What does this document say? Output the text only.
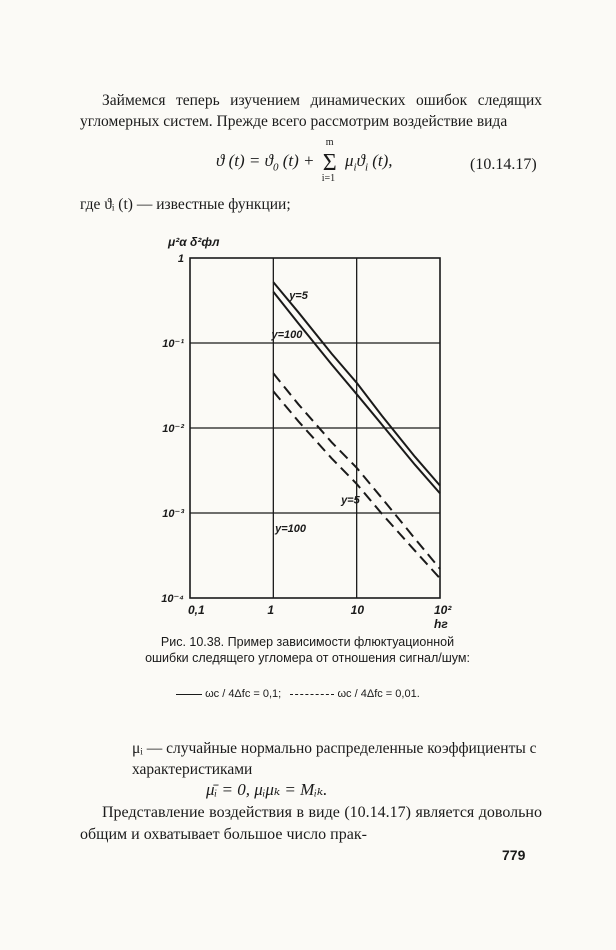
Займемся теперь изучением динамических ошибок следящих угломерных систем. Прежде всего рассмотрим воздействие вида
ϑ $(t) = ϑ_0$ (t) + Σ
m
i=1
$\mu_iϑ_i$ (t),	(10.14.17)
где ϑᵢ (t) — известные функции;
0,1	1	10	10²
1
10⁻¹
10⁻²
10⁻³
10⁻⁴
hг
μ²α δ²фл
y=5
y=100
y=5
y=100
Рис. 10.38. Пример зависимости флюктуационной ошибки следящего угломера от отношения сигнал/шум:
ωc / 4Δfc = 0,1;	ωc / 4Δfc = 0,01.
μᵢ — случайные нормально распределенные коэффициенты с характеристиками
μ̄ᵢ = 0, μᵢμₖ = Mᵢₖ.
Представление воздействия в виде (10.14.17) является довольно общим и охватывает большое число прак-
779
